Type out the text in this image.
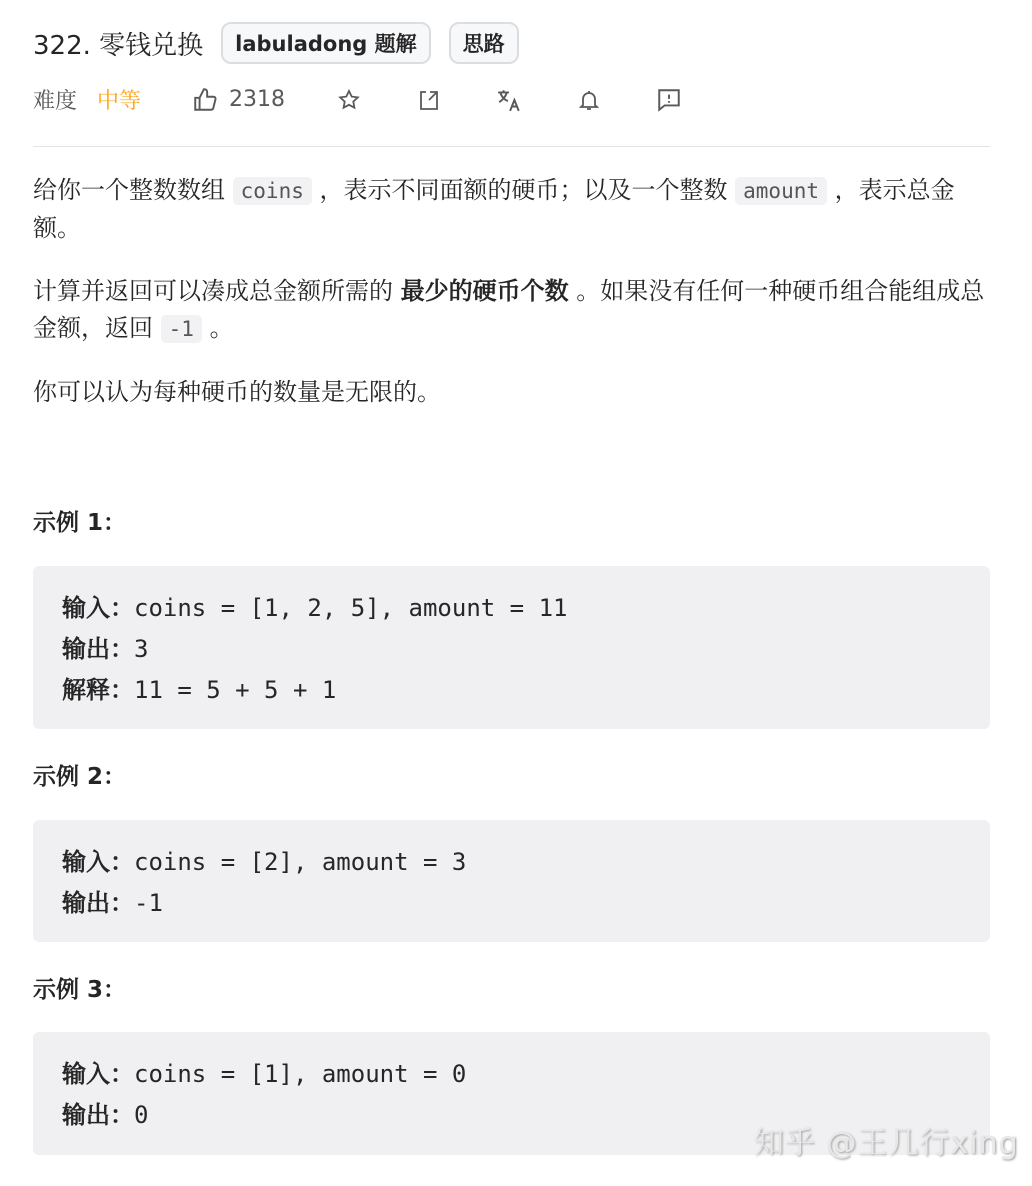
322. 零钱兑换	labuladong 题解	思路
难度 中等	2318

给你一个整数数组 coins ，表示不同面额的硬币；以及一个整数 amount ，表示总金额。

计算并返回可以凑成总金额所需的 最少的硬币个数 。如果没有任何一种硬币组合能组成总金额，返回 -1 。

你可以认为每种硬币的数量是无限的。

示例 1：
输入：coins = [1, 2, 5], amount = 11
输出：3
解释：11 = 5 + 5 + 1
示例 2：
输入：coins = [2], amount = 3
输出：-1
示例 3：
输入：coins = [1], amount = 0
输出：0
知乎 @王几行xing
